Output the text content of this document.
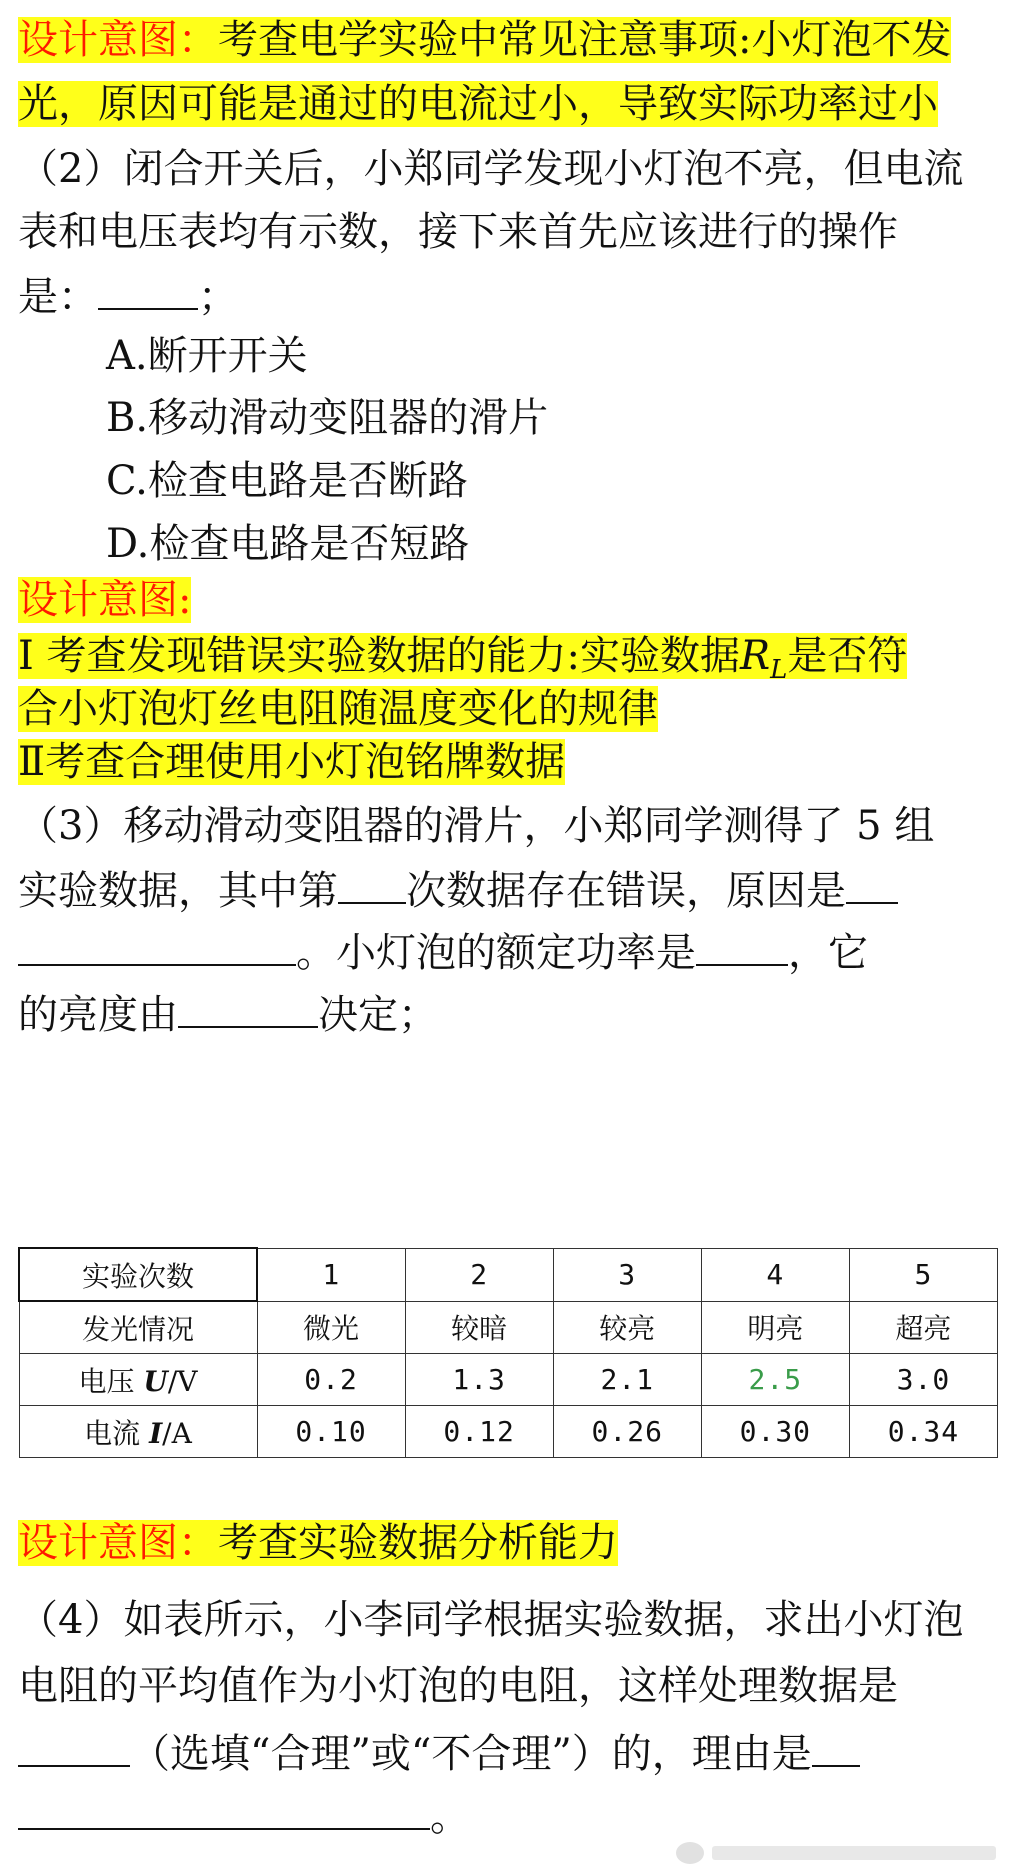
设计意图：考查电学实验中常见注意事项:小灯泡不发
光，原因可能是通过的电流过小，导致实际功率过小
（2）闭合开关后，小郑同学发现小灯泡不亮，但电流
表和电压表均有示数，接下来首先应该进行的操作
是：	；
A.断开开关
B.移动滑动变阻器的滑片
C.检查电路是否断路
D.检查电路是否短路
设计意图:
I 考查发现错误实验数据的能力:实验数据$R_L$是否符
合小灯泡灯丝电阻随温度变化的规律
Ⅱ考查合理使用小灯泡铭牌数据
（3）移动滑动变阻器的滑片，小郑同学测得了 5 组
实验数据，其中第 次数据存在错误，原因是
。小灯泡的额定功率是 ，它
的亮度由	决定；
实验次数	1	2	3	4	5
发光情况	微光	较暗	较亮	明亮	超亮
电压 U/V	0.2	1.3	2.1	2.5	3.0
电流 I/A	0.10	0.12	0.26	0.30	0.34
设计意图：考查实验数据分析能力
（4）如表所示，小李同学根据实验数据，求出小灯泡
电阻的平均值作为小灯泡的电阻，这样处理数据是
（选填“合理”或“不合理”）的，理由是
。
